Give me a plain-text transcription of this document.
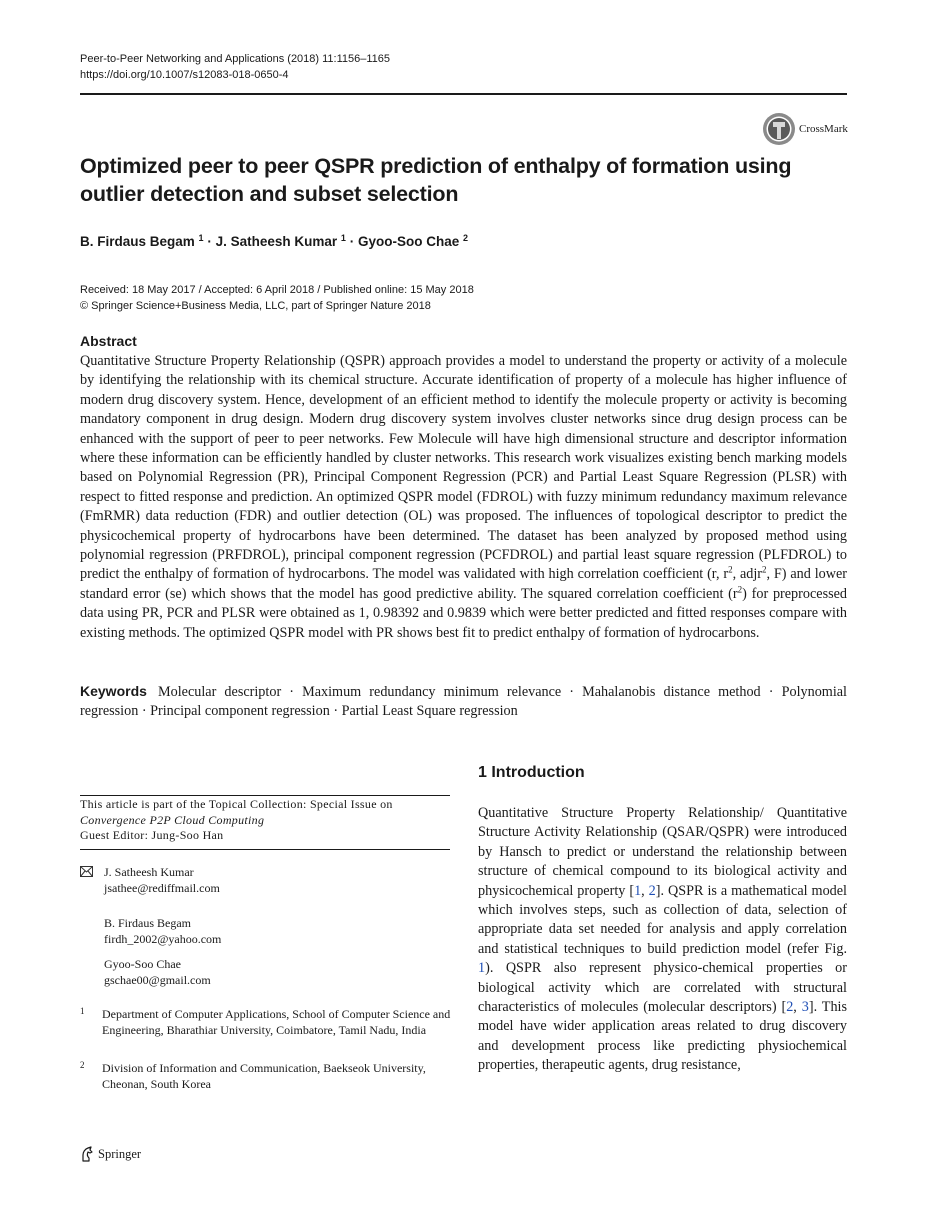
Peer-to-Peer Networking and Applications (2018) 11:1156–1165
https://doi.org/10.1007/s12083-018-0650-4
CrossMark
Optimized peer to peer QSPR prediction of enthalpy of formation using outlier detection and subset selection
B. Firdaus Begam $^1$ · J. Satheesh Kumar $^1$ · Gyoo-Soo Chae $^2$
Received: 18 May 2017 / Accepted: 6 April 2018 / Published online: 15 May 2018
© Springer Science+Business Media, LLC, part of Springer Nature 2018
Abstract
Quantitative Structure Property Relationship (QSPR) approach provides a model to understand the property or activity of a molecule by identifying the relationship with its chemical structure. Accurate identification of property of a molecule has higher influence of modern drug discovery system. Hence, development of an efficient method to identify the molecule property or activity is becoming mandatory component in drug design. Modern drug discovery system involves cluster networks since drug design process can be enhanced with the support of peer to peer networks. Few Molecule will have high dimensional structure and descriptor information where these information can be efficiently handled by cluster networks. This research work visualizes existing bench marking models based on Polynomial Regression (PR), Principal Component Regression (PCR) and Partial Least Square Regression (PLSR) with respect to fitted response and prediction. An optimized QSPR model (FDROL) with fuzzy minimum redundancy maximum relevance (FmRMR) data reduction (FDR) and outlier detection (OL) was proposed. The influences of topological descriptor to predict the physicochemical property of hydrocarbons have been determined. The dataset has been analyzed by proposed method using polynomial regression (PRFDROL), principal component regression (PCFDROL) and partial least square regression (PLFDROL) to predict the enthalpy of formation of hydrocarbons. The model was validated with high correlation coefficient (r, $r^2$, adjr$^2$, F) and lower standard error (se) which shows that the model has good predictive ability. The squared correlation coefficient $(r^2)$ for preprocessed data using PR, PCR and PLSR were obtained as 1, 0.98392 and 0.9839 which were better predicted and fitted responses compare with existing methods. The optimized QSPR model with PR shows best fit to predict enthalpy of formation of hydrocarbons.
Keywords Molecular descriptor · Maximum redundancy minimum relevance · Mahalanobis distance method · Polynomial regression · Principal component regression · Partial Least Square regression
This article is part of the Topical Collection: Special Issue on
Convergence P2P Cloud Computing
Guest Editor: Jung-Soo Han
J. Satheesh Kumar
jsathee@rediffmail.com
B. Firdaus Begam
firdh_2002@yahoo.com
Gyoo-Soo Chae
gschae00@gmail.com
1 Department of Computer Applications, School of Computer Science and Engineering, Bharathiar University, Coimbatore, Tamil Nadu, India
2 Division of Information and Communication, Baekseok University, Cheonan, South Korea
1 Introduction
Quantitative Structure Property Relationship/ Quantitative Structure Activity Relationship (QSAR/QSPR) were introduced by Hansch to predict or understand the relationship between structure of chemical compound to its biological activity and physicochemical property [1, 2]. QSPR is a mathematical model which involves steps, such as collection of data, selection of appropriate data set needed for analysis and apply correlation and statistical techniques to build prediction model (refer Fig. 1). QSPR also represent physico-chemical properties or biological activity which are correlated with structural characteristics of molecules (molecular descriptors) [2, 3]. This model have wider application areas related to drug discovery and development process like predicting physiochemical properties, therapeutic agents, drug resistance,
Springer
